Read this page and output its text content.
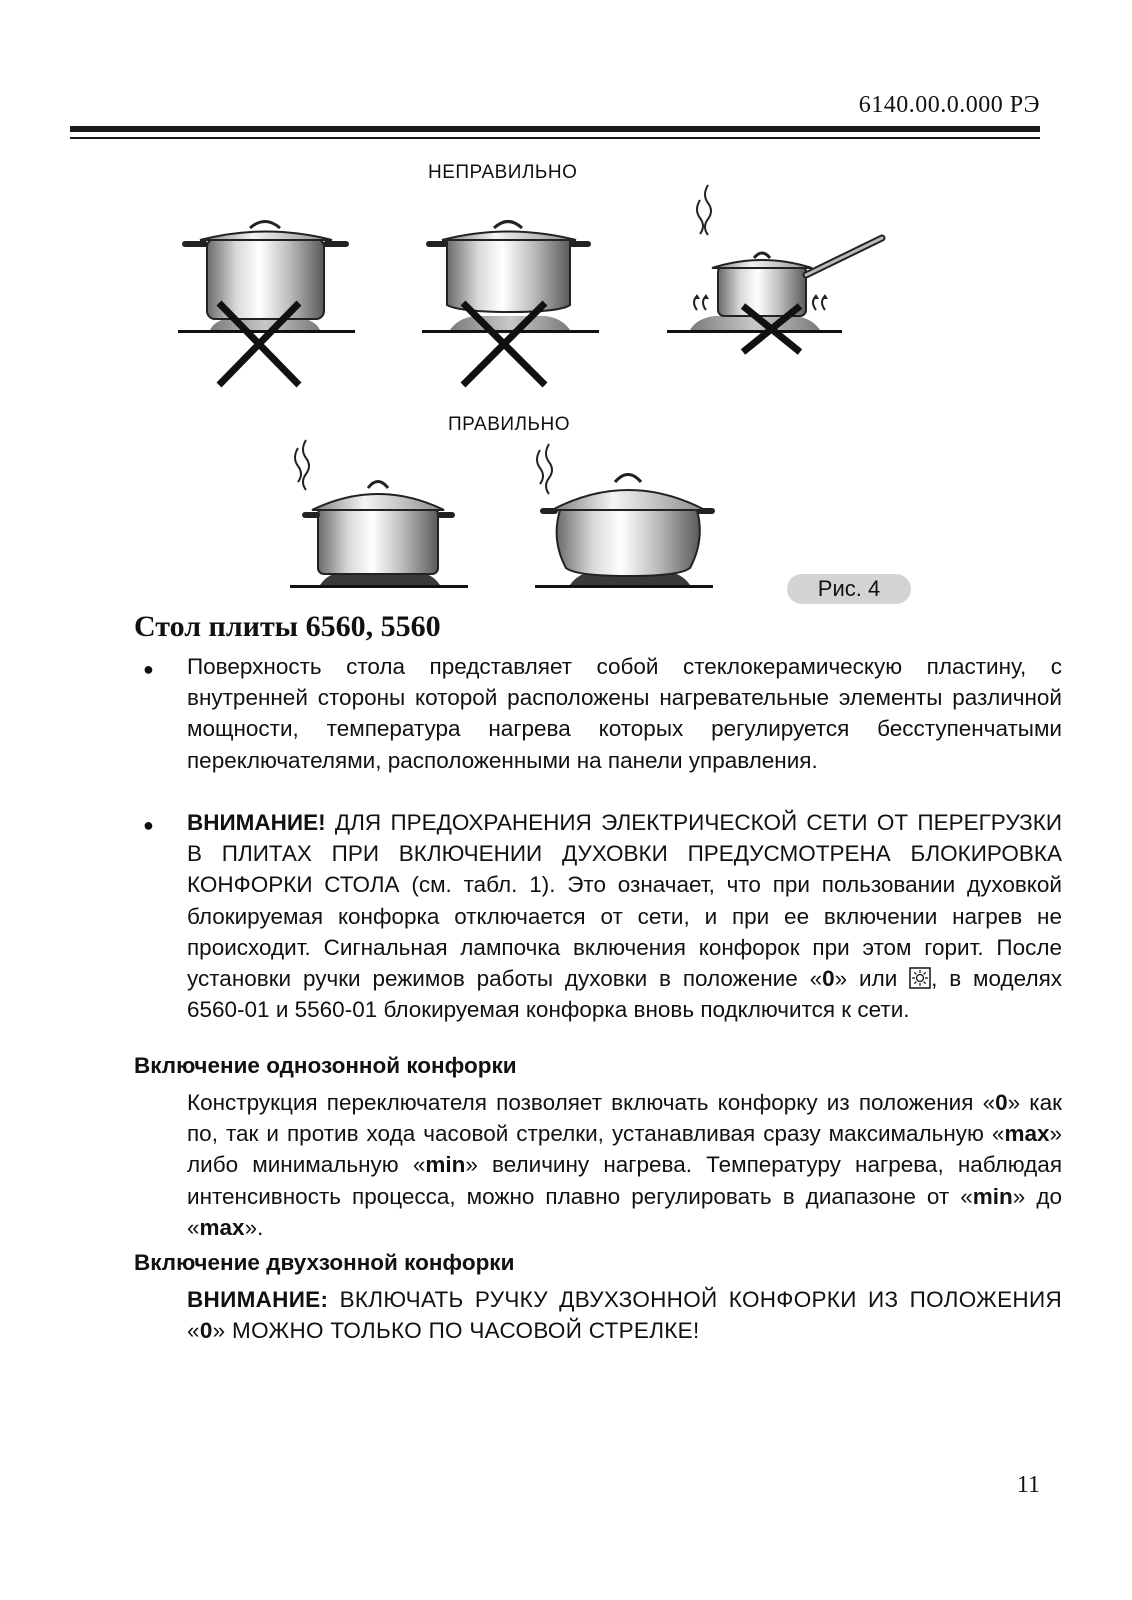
6140.00.0.000 РЭ
НЕПРАВИЛЬНО
ПРАВИЛЬНО
Рис. 4
Стол плиты 6560, 5560
● Поверхность стола представляет собой стеклокерамическую пластину, с внутренней стороны которой расположены нагревательные элементы различной мощности, температура нагрева которых регулируется бесступенчатыми переключателями, расположенными на панели управления.
● ВНИМАНИЕ! ДЛЯ ПРЕДОХРАНЕНИЯ ЭЛЕКТРИЧЕСКОЙ СЕТИ ОТ ПЕРЕГРУЗКИ В ПЛИТАХ ПРИ ВКЛЮЧЕНИИ ДУХОВКИ ПРЕДУСМОТРЕНА БЛОКИРОВКА КОНФОРКИ СТОЛА (см. табл. 1). Это означает, что при пользовании духовкой блокируемая конфорка отключается от сети, и при ее включении нагрев не происходит. Сигнальная лампочка включения конфорок при этом горит. После установки ручки режимов работы духовки в положение «0» или , в моделях 6560-01 и 5560-01 блокируемая конфорка вновь подключится к сети.
Включение однозонной конфорки
Конструкция переключателя позволяет включать конфорку из положения «0» как по, так и против хода часовой стрелки, устанавливая сразу максимальную «max» либо минимальную «min» величину нагрева. Температуру нагрева, наблюдая интенсивность процесса, можно плавно регулировать в диапазоне от «min» до «max».
Включение двухзонной конфорки
ВНИМАНИЕ: ВКЛЮЧАТЬ РУЧКУ ДВУХЗОННОЙ КОНФОРКИ ИЗ ПОЛОЖЕНИЯ «0» МОЖНО ТОЛЬКО ПО ЧАСОВОЙ СТРЕЛКЕ!
11
